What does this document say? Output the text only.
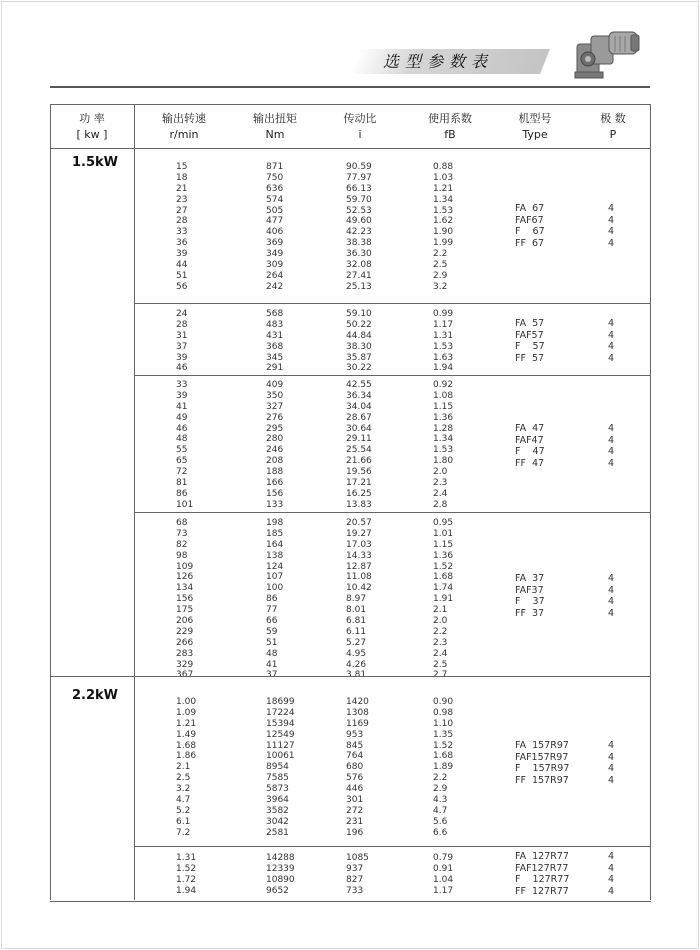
选型参数表
功 率
[ kw ]
输出转速
r/min
输出扭矩
Nm
传动比
i
使用系数
fB
机型号
Type
极 数
P
1.5kW
2.2kW
15
18
21
23
27
28
33
36
39
44
51
56
871
750
636
574
505
477
406
369
349
309
264
242
90.59
77.97
66.13
59.70
52.53
49.60
42.23
38.38
36.30
32.08
27.41
25.13
0.88
1.03
1.21
1.34
1.53
1.62
1.90
1.99
2.2
2.5
2.9
3.2
FA  67
FAF67
F    67
FF  67
4
4
4
4
24
28
31
37
39
46
568
483
431
368
345
291
59.10
50.22
44.84
38.30
35.87
30.22
0.99
1.17
1.31
1.53
1.63
1.94
FA  57
FAF57
F    57
FF  57
4
4
4
4
33
39
41
49
46
48
55
65
72
81
86
101
409
350
327
276
295
280
246
208
188
166
156
133
42.55
36.34
34.04
28.67
30.64
29.11
25.54
21.66
19.56
17.21
16.25
13.83
0.92
1.08
1.15
1.36
1.28
1.34
1.53
1.80
2.0
2.3
2.4
2.8
FA  47
FAF47
F    47
FF  47
4
4
4
4
68
73
82
98
109
126
134
156
175
206
229
266
283
329
198
185
164
138
124
107
100
86
77
66
59
51
48
41
20.57
19.27
17.03
14.33
12.87
11.08
10.42
8.97
8.01
6.81
6.11
5.27
4.95
4.26
0.95
1.01
1.15
1.36
1.52
1.68
1.74
1.91
2.1
2.0
2.2
2.3
2.4
2.5
FA  37
FAF37
F    37
FF  37
4
4
4
4
1.00
1.09
1.21
1.49
1.68
1.86
2.1
2.5
3.2
4.7
5.2
6.1
7.2
18699
17224
15394
12549
11127
10061
8954
7585
5873
3964
3582
3042
2581
1420
1308
1169
953
845
764
680
576
446
301
272
231
196
0.90
0.98
1.10
1.35
1.52
1.68
1.89
2.2
2.9
4.3
4.7
5.6
6.6
FA  157R97
FAF157R97
F    157R97
FF  157R97
4
4
4
4
1.31
1.52
1.72
1.94
14288
12339
10890
9652
1085
937
827
733
0.79
0.91
1.04
1.17
FA  127R77
FAF127R77
F    127R77
FF  127R77
4
4
4
4
